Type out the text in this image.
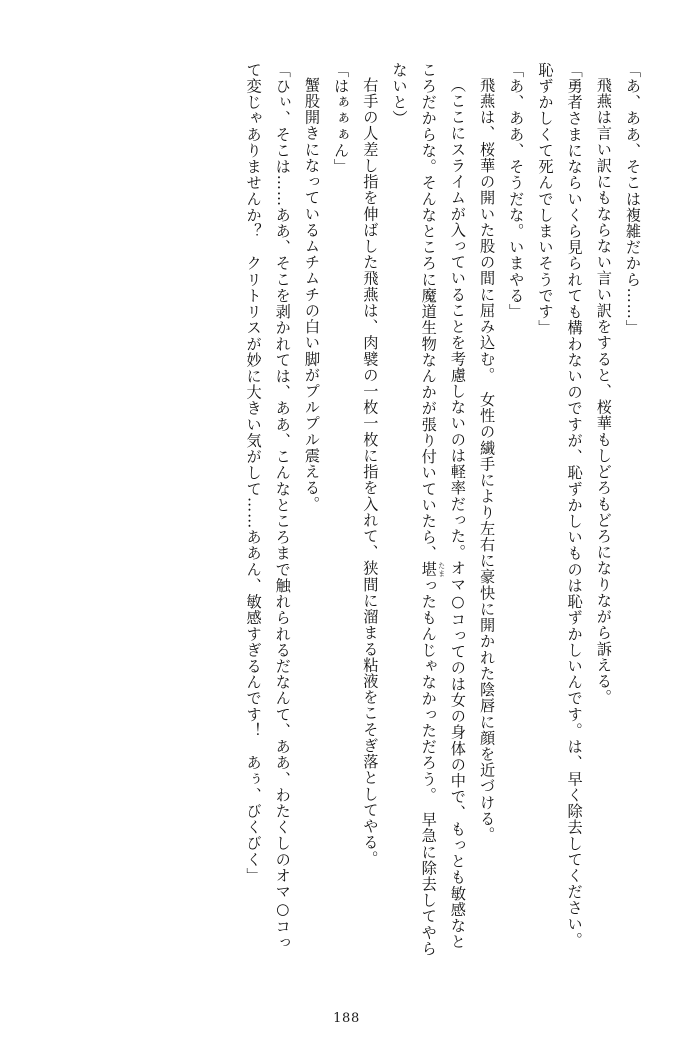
「あ、ああ、そこは複雑だから……」

飛燕は言い訳にもならない言い訳をすると、桜華もしどろもどろになりながら訴える。

「勇者さまにならいくら見られても構わないのですが、恥ずかしいものは恥ずかしいんです。は、早く除去してください。　恥ずかしくて死んでしまいそうです」

「あ、ああ、そうだな。いまやる」

飛燕は、桜華の開いた股の間に屈み込む。　女性の繊手により左右に豪快に開かれた陰唇に顔を近づける。

（ここにスライムが入っていることを考慮しないのは軽率だった。オマ○コってのは女の身体の中で、もっとも敏感なところだからな。そんなところに魔道生物なんかが張り付いていたら、堪 たまったもんじゃなかっただろう。　早急に除去してやらないと）

右手の人差し指を伸ばした飛燕は、肉襞の一枚一枚に指を入れて、狭間に溜まる粘液をこそぎ落としてやる。

「はぁぁぁん」

蟹股開きになっているムチムチの白い脚がプルプル震える。

「ひぃ、そこは……ああ、そこを剥かれては、ああ、こんなところまで触れられるだなんて、ああ、わたくしのオマ○コって変じゃありませんか？　クリトリスが妙に大きい気がして……ああん、敏感すぎるんです！　あぅ、びくびく」

188
